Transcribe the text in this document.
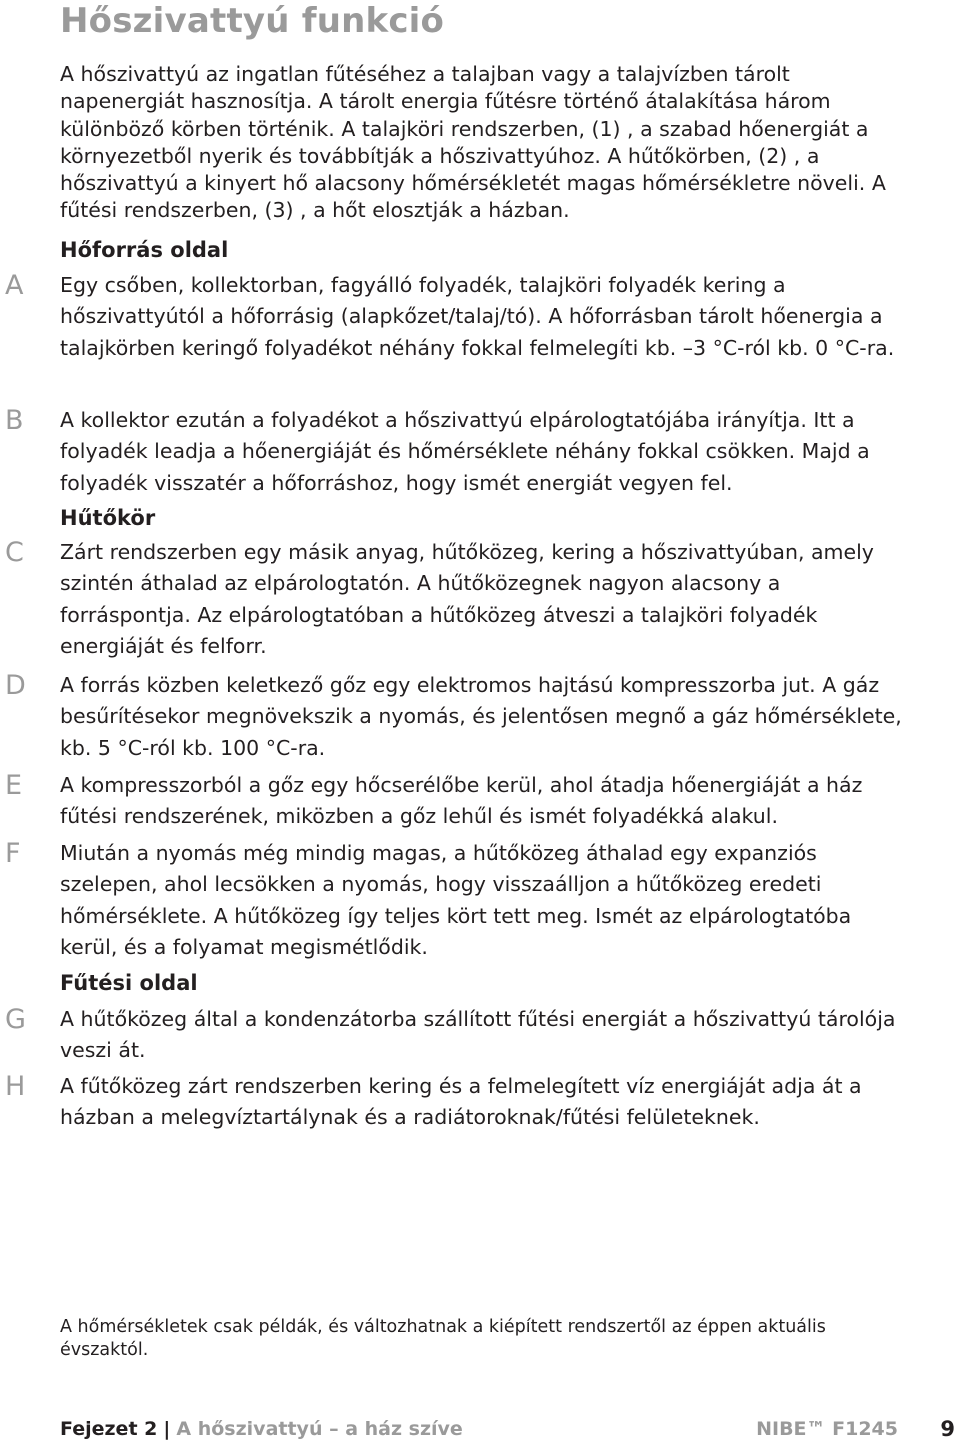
Hőszivattyú funkció

A hőszivattyú az ingatlan fűtéséhez a talajban vagy a talajvízben tárolt napenergiát hasznosítja. A tárolt energia fűtésre történő átalakítása három különböző körben történik. A talajköri rendszerben, (1) , a szabad hőenergiát a környezetből nyerik és továbbítják a hőszivattyúhoz. A hűtőkörben, (2) , a hőszivattyú a kinyert hő alacsony hőmérsékletét magas hőmérsékletre növeli. A fűtési rendszerben, (3) , a hőt elosztják a házban.

Hőforrás oldal
A Egy csőben, kollektorban, fagyálló folyadék, talajköri folyadék kering a hőszivattyútól a hőforrásig (alapkőzet/talaj/tó). A hőforrásban tárolt hőenergia a talajkörben keringő folyadékot néhány fokkal felmelegíti kb. –3 °C-ról kb. 0 °C-ra.

B A kollektor ezután a folyadékot a hőszivattyú elpárologtatójába irányítja. Itt a folyadék leadja a hőenergiáját és hőmérséklete néhány fokkal csökken. Majd a folyadék visszatér a hőforráshoz, hogy ismét energiát vegyen fel.

Hűtőkör
C Zárt rendszerben egy másik anyag, hűtőközeg, kering a hőszivattyúban, amely szintén áthalad az elpárologtatón. A hűtőközegnek nagyon alacsony a forráspontja. Az elpárologtatóban a hűtőközeg átveszi a talajköri folyadék energiáját és felforr.

D A forrás közben keletkező gőz egy elektromos hajtású kompresszorba jut. A gáz besűrítésekor megnövekszik a nyomás, és jelentősen megnő a gáz hőmérséklete, kb. 5 °C-ról kb. 100 °C-ra.

E A kompresszorból a gőz egy hőcserélőbe kerül, ahol átadja hőenergiáját a ház fűtési rendszerének, miközben a gőz lehűl és ismét folyadékká alakul.

F Miután a nyomás még mindig magas, a hűtőközeg áthalad egy expanziós szelepen, ahol lecsökken a nyomás, hogy visszaálljon a hűtőközeg eredeti hőmérséklete. A hűtőközeg így teljes kört tett meg. Ismét az elpárologtatóba kerül, és a folyamat megismétlődik.

Fűtési oldal
G A hűtőközeg által a kondenzátorba szállított fűtési energiát a hőszivattyú tárolója veszi át.

H A fűtőközeg zárt rendszerben kering és a felmelegített víz energiáját adja át a házban a melegvíztartálynak és a radiátoroknak/fűtési felületeknek.

A hőmérsékletek csak példák, és változhatnak a kiépített rendszertől az éppen aktuális évszaktól.

Fejezet 2 | A hőszivattyú – a ház szíve	NIBE™ F1245 9
